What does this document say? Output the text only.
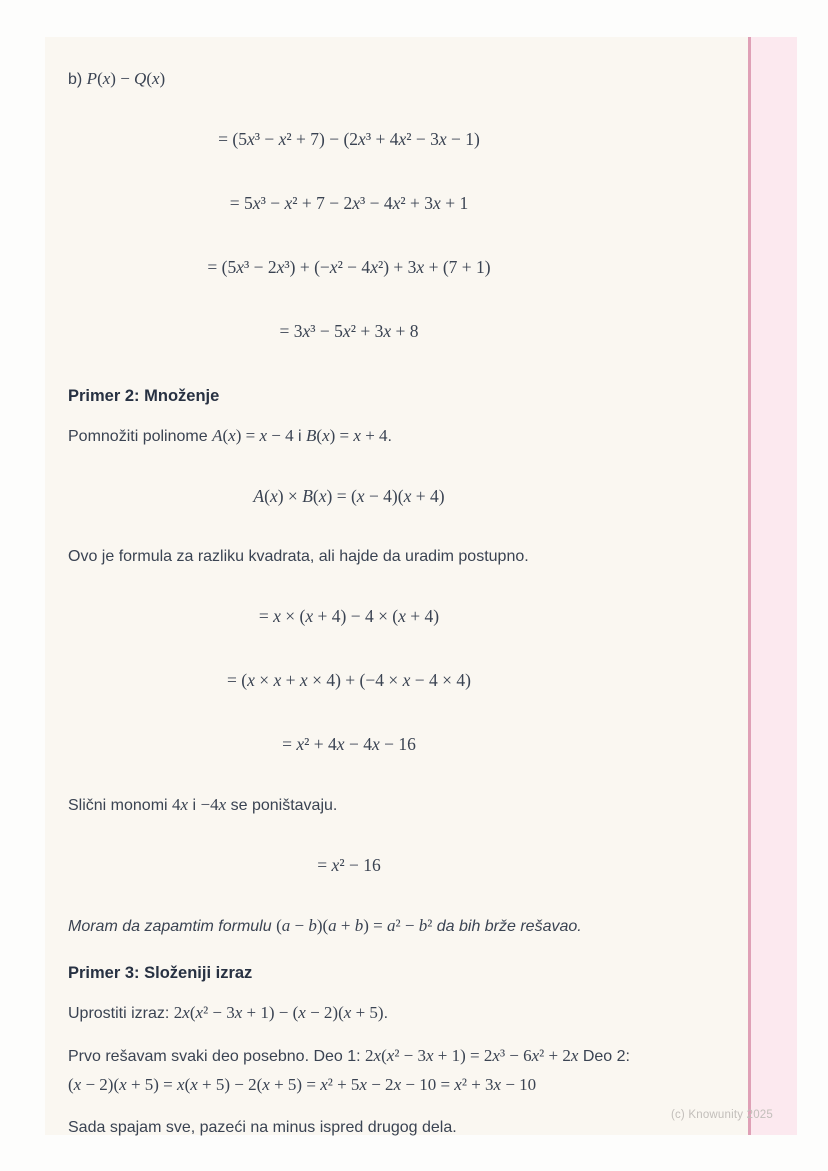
b) P(x) − Q(x)

= (5x³ − x² + 7) − (2x³ + 4x² − 3x − 1)
= 5x³ − x² + 7 − 2x³ − 4x² + 3x + 1
= (5x³ − 2x³) + (−x² − 4x²) + 3x + (7 + 1)
= 3x³ − 5x² + 3x + 8
Primer 2: Množenje

Pomnožiti polinome A(x) = x − 4 i B(x) = x + 4.

A(x) × B(x) = (x − 4)(x + 4)

Ovo je formula za razliku kvadrata, ali hajde da uradim postupno.

= x × (x + 4) − 4 × (x + 4)
= (x × x + x × 4) + (−4 × x − 4 × 4)
= x² + 4x − 4x − 16

Slični monomi 4x i −4x se poništavaju.

= x² − 16

Moram da zapamtim formulu (a − b)(a + b) = a² − b² da bih brže rešavao.

Primer 3: Složeniji izraz

Uprostiti izraz: 2x(x² − 3x + 1) − (x − 2)(x + 5).

Prvo rešavam svaki deo posebno. Deo 1: 2x(x² − 3x + 1) = 2x³ − 6x² + 2x Deo 2:
(x − 2)(x + 5) = x(x + 5) − 2(x + 5) = x² + 5x − 2x − 10 = x² + 3x − 10

Sada spajam sve, pazeći na minus ispred drugog dela.

(c) Knowunity 2025
